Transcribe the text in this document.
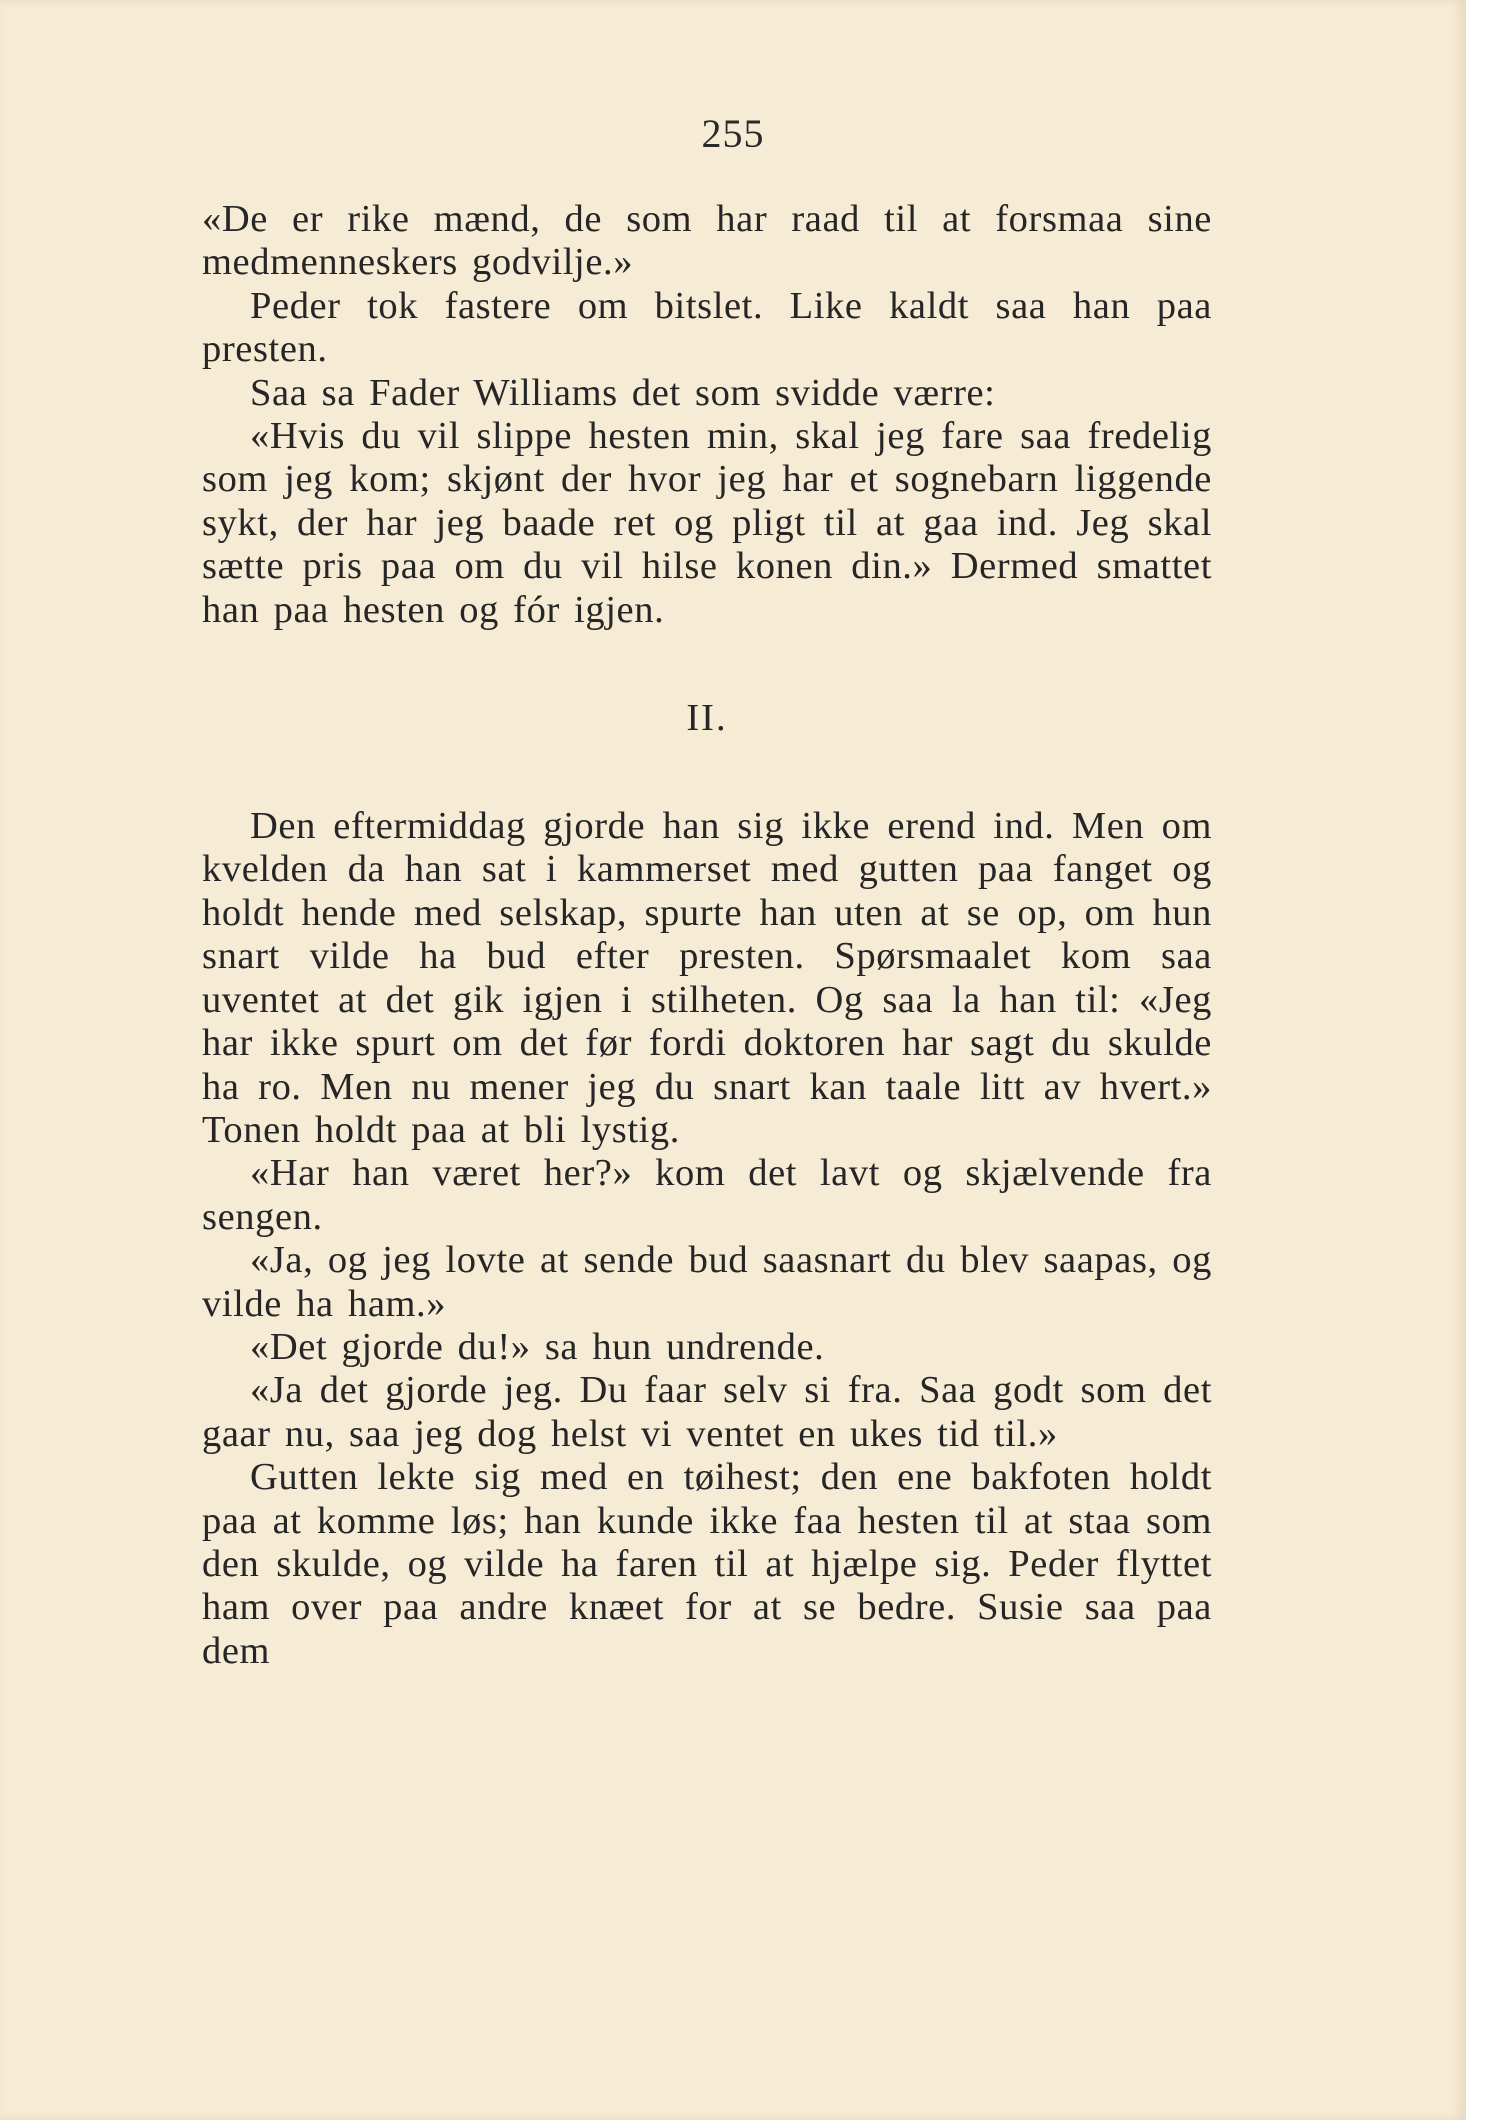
255

«De er rike mænd, de som har raad til at forsmaa sine medmenneskers godvilje.»

Peder tok fastere om bitslet. Like kaldt saa han paa presten.

Saa sa Fader Williams det som svidde værre:

«Hvis du vil slippe hesten min, skal jeg fare saa fredelig som jeg kom; skjønt der hvor jeg har et sognebarn liggende sykt, der har jeg baade ret og pligt til at gaa ind. Jeg skal sætte pris paa om du vil hilse konen din.» Dermed smattet han paa hesten og fór igjen.

II.

Den eftermiddag gjorde han sig ikke erend ind. Men om kvelden da han sat i kammerset med gutten paa fanget og holdt hende med selskap, spurte han uten at se op, om hun snart vilde ha bud efter presten. Spørsmaalet kom saa uventet at det gik igjen i stilheten. Og saa la han til: «Jeg har ikke spurt om det før fordi doktoren har sagt du skulde ha ro. Men nu mener jeg du snart kan taale litt av hvert.» Tonen holdt paa at bli lystig.

«Har han været her?» kom det lavt og skjælvende fra sengen.

«Ja, og jeg lovte at sende bud saasnart du blev saapas, og vilde ha ham.»

«Det gjorde du!» sa hun undrende.

«Ja det gjorde jeg. Du faar selv si fra. Saa godt som det gaar nu, saa jeg dog helst vi ventet en ukes tid til.»

Gutten lekte sig med en tøihest; den ene bakfoten holdt paa at komme løs; han kunde ikke faa hesten til at staa som den skulde, og vilde ha faren til at hjælpe sig. Peder flyttet ham over paa andre knæet for at se bedre. Susie saa paa dem
